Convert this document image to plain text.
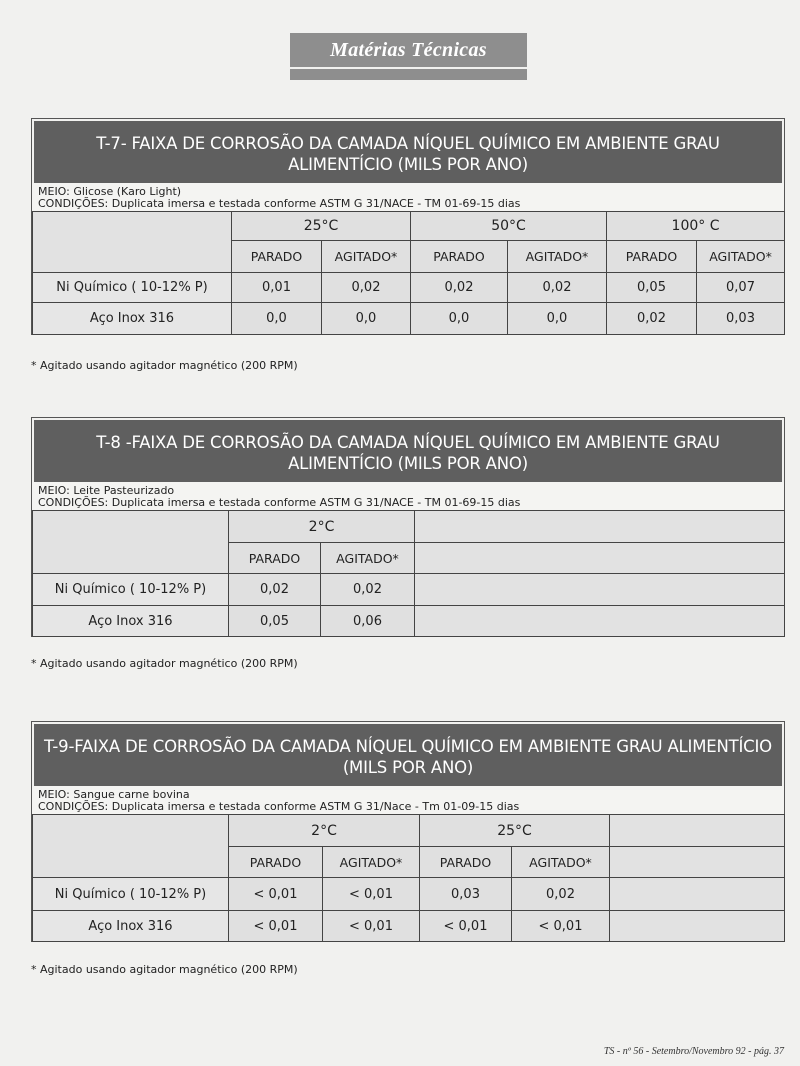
Matérias Técnicas
T-7- FAIXA DE CORROSÃO DA CAMADA NÍQUEL QUÍMICO EM AMBIENTE GRAU ALIMENTÍCIO (MILS POR ANO)
MEIO: Glicose (Karo Light)
CONDIÇÕES: Duplicata imersa e testada conforme ASTM G 31/NACE - TM 01-69-15 dias
	25°C		50°C		100° C	
	PARADO	AGITADO*	PARADO	AGITADO*	PARADO	AGITADO*
Ni Químico ( 10-12% P)	0,01	0,02	0,02	0,02	0,05	0,07
Aço Inox 316	0,0	0,0	0,0	0,0	0,02	0,03
* Agitado usando agitador magnético (200 RPM)
T-8 -FAIXA DE CORROSÃO DA CAMADA NÍQUEL QUÍMICO EM AMBIENTE GRAU ALIMENTÍCIO (MILS POR ANO)
MEIO: Leite Pasteurizado
CONDIÇÕES: Duplicata imersa e testada conforme ASTM G 31/NACE - TM 01-69-15 dias
	2°C		
	PARADO	AGITADO*	
Ni Químico ( 10-12% P)	0,02	0,02	
Aço Inox 316	0,05	0,06	
* Agitado usando agitador magnético (200 RPM)
T-9-FAIXA DE CORROSÃO DA CAMADA NÍQUEL QUÍMICO EM AMBIENTE GRAU ALIMENTÍCIO (MILS POR ANO)
MEIO: Sangue carne bovina
CONDIÇÕES: Duplicata imersa e testada conforme ASTM G 31/Nace - Tm 01-09-15 dias
	2°C		25°C		
	PARADO	AGITADO*	PARADO	AGITADO*	
Ni Químico ( 10-12% P)	< 0,01	< 0,01	0,03	0,02	
Aço Inox 316	< 0,01	< 0,01	< 0,01	< 0,01	
* Agitado usando agitador magnético (200 RPM)
TS - nº 56 - Setembro/Novembro 92 - pág. 37
